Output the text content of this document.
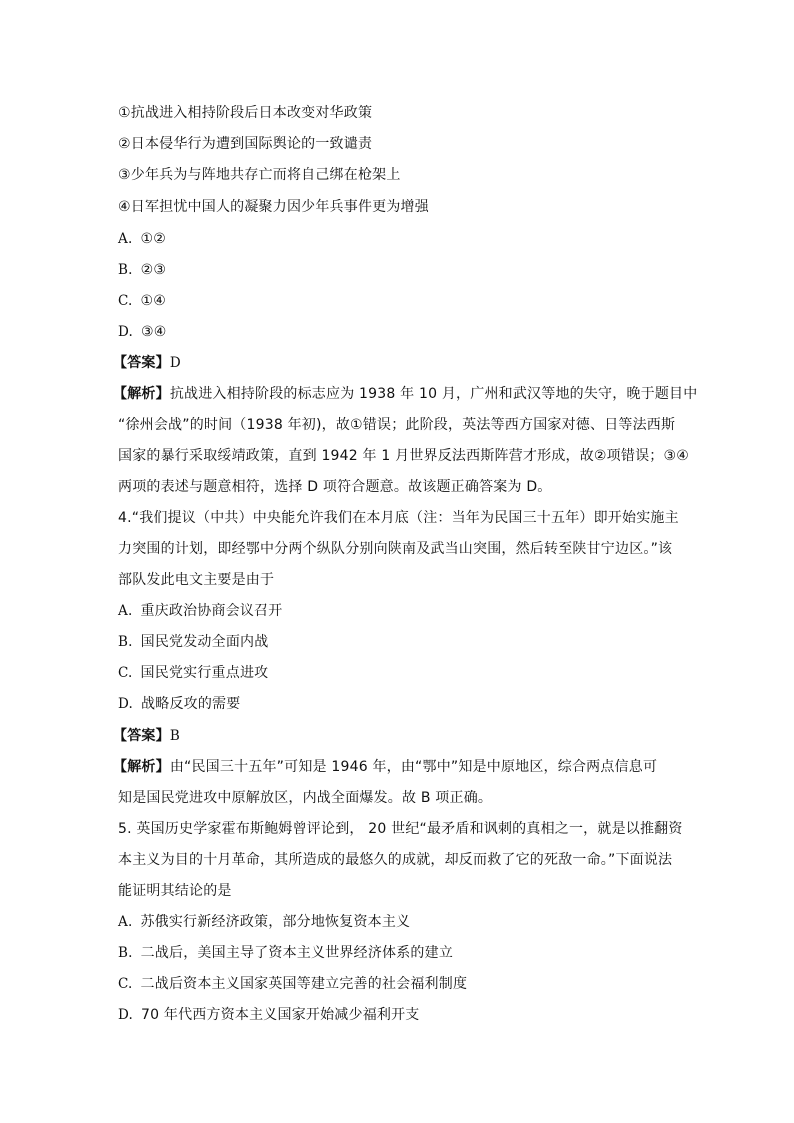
①抗战进入相持阶段后日本改变对华政策
②日本侵华行为遭到国际舆论的一致谴责
③少年兵为与阵地共存亡而将自己绑在枪架上
④日军担忧中国人的凝聚力因少年兵事件更为增强
A. ①②
B. ②③
C. ①④
D. ③④
【答案】D
【解析】抗战进入相持阶段的标志应为 1938 年 10 月，广州和武汉等地的失守，晚于题目中
“徐州会战”的时间（1938 年初)，故①错误；此阶段，英法等西方国家对德、日等法西斯
国家的暴行采取绥靖政策，直到 1942 年 1 月世界反法西斯阵营才形成，故②项错误；③④
两项的表述与题意相符，选择 D 项符合题意。故该题正确答案为 D。
4.“我们提议（中共）中央能允许我们在本月底（注：当年为民国三十五年）即开始实施主
力突围的计划，即经鄂中分两个纵队分别向陕南及武当山突围，然后转至陕甘宁边区。”该
部队发此电文主要是由于
A. 重庆政治协商会议召开
B. 国民党发动全面内战
C. 国民党实行重点进攻
D. 战略反攻的需要
【答案】B
【解析】由“民国三十五年”可知是 1946 年，由“鄂中”知是中原地区，综合两点信息可
知是国民党进攻中原解放区，内战全面爆发。故 B 项正确。
5. 英国历史学家霍布斯鲍姆曾评论到， 20 世纪“最矛盾和讽刺的真相之一，就是以推翻资
本主义为目的十月革命，其所造成的最悠久的成就，却反而救了它的死敌一命。”下面说法
能证明其结论的是
A. 苏俄实行新经济政策，部分地恢复资本主义
B. 二战后，美国主导了资本主义世界经济体系的建立
C. 二战后资本主义国家英国等建立完善的社会福利制度
D. 70 年代西方资本主义国家开始减少福利开支
